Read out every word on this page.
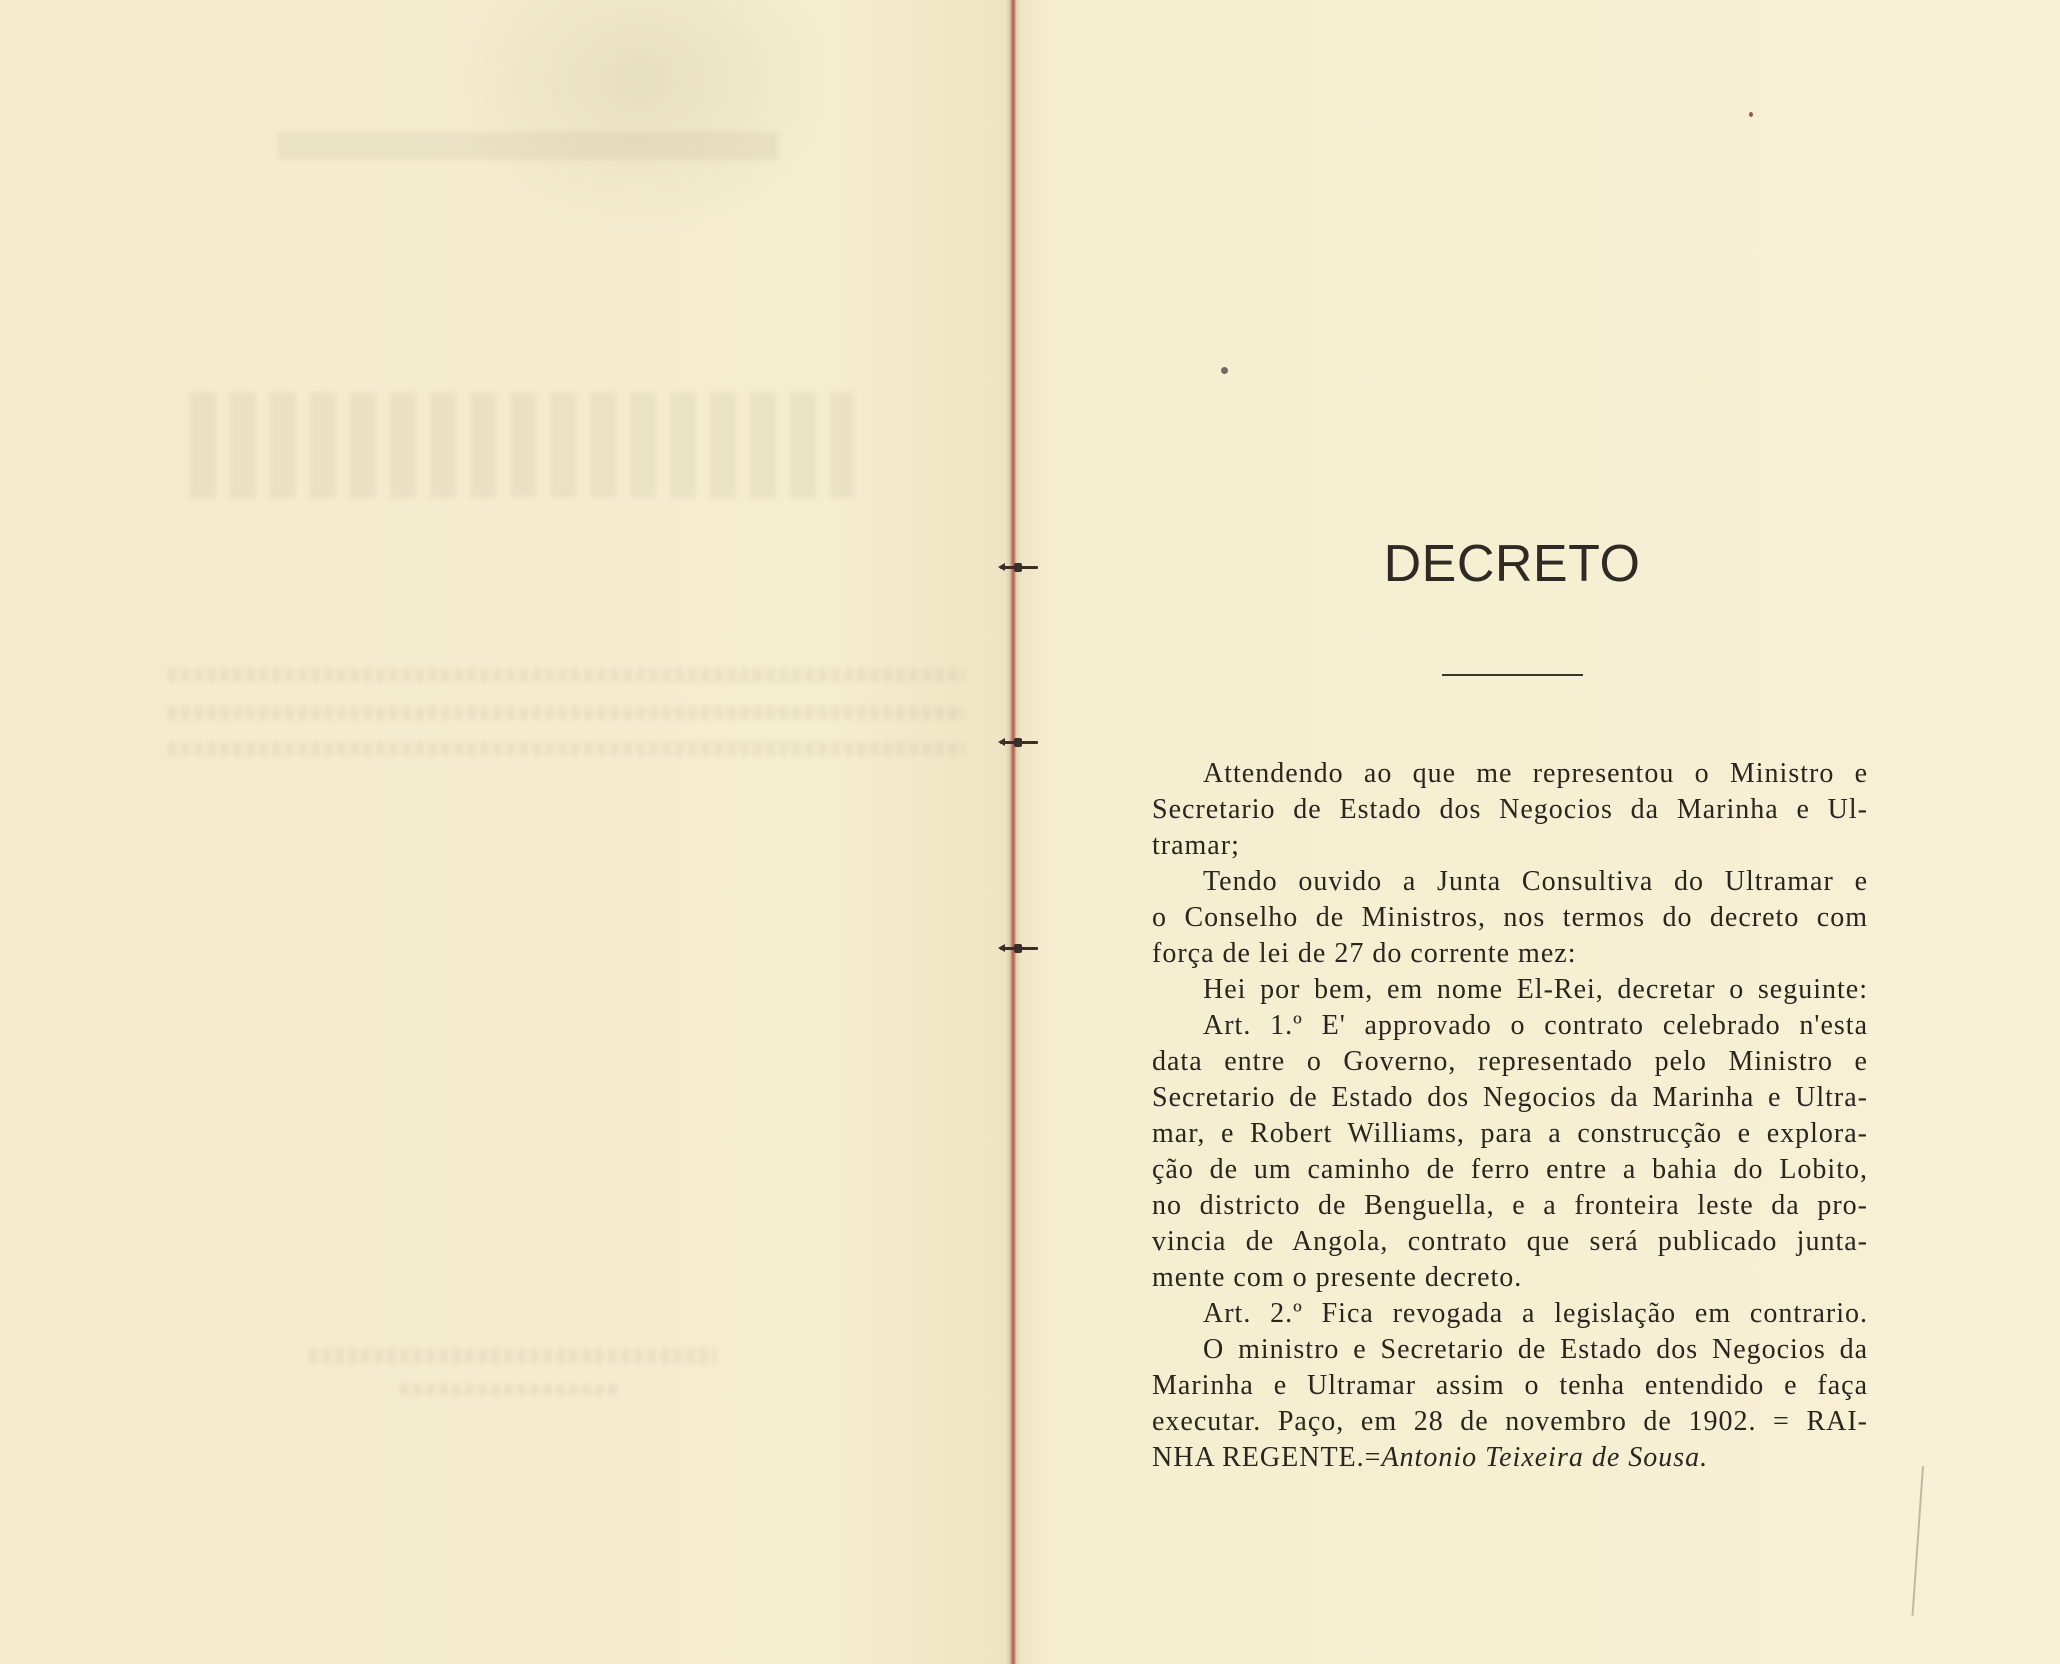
DECRETO
Attendendo ao que me representou o Ministro e
Secretario de Estado dos Negocios da Marinha e Ul-
tramar;
Tendo ouvido a Junta Consultiva do Ultramar e
o Conselho de Ministros, nos termos do decreto com
força de lei de 27 do corrente mez:
Hei por bem, em nome El-Rei, decretar o seguinte:
Art. 1.º E' approvado o contrato celebrado n'esta
data entre o Governo, representado pelo Ministro e
Secretario de Estado dos Negocios da Marinha e Ultra-
mar, e Robert Williams, para a construcção e explora-
ção de um caminho de ferro entre a bahia do Lobito,
no districto de Benguella, e a fronteira leste da pro-
vincia de Angola, contrato que será publicado junta-
mente com o presente decreto.
Art. 2.º Fica revogada a legislação em contrario.
O ministro e Secretario de Estado dos Negocios da
Marinha e Ultramar assim o tenha entendido e faça
executar. Paço, em 28 de novembro de 1902. = RAI-
NHA REGENTE.=Antonio Teixeira de Sousa.
